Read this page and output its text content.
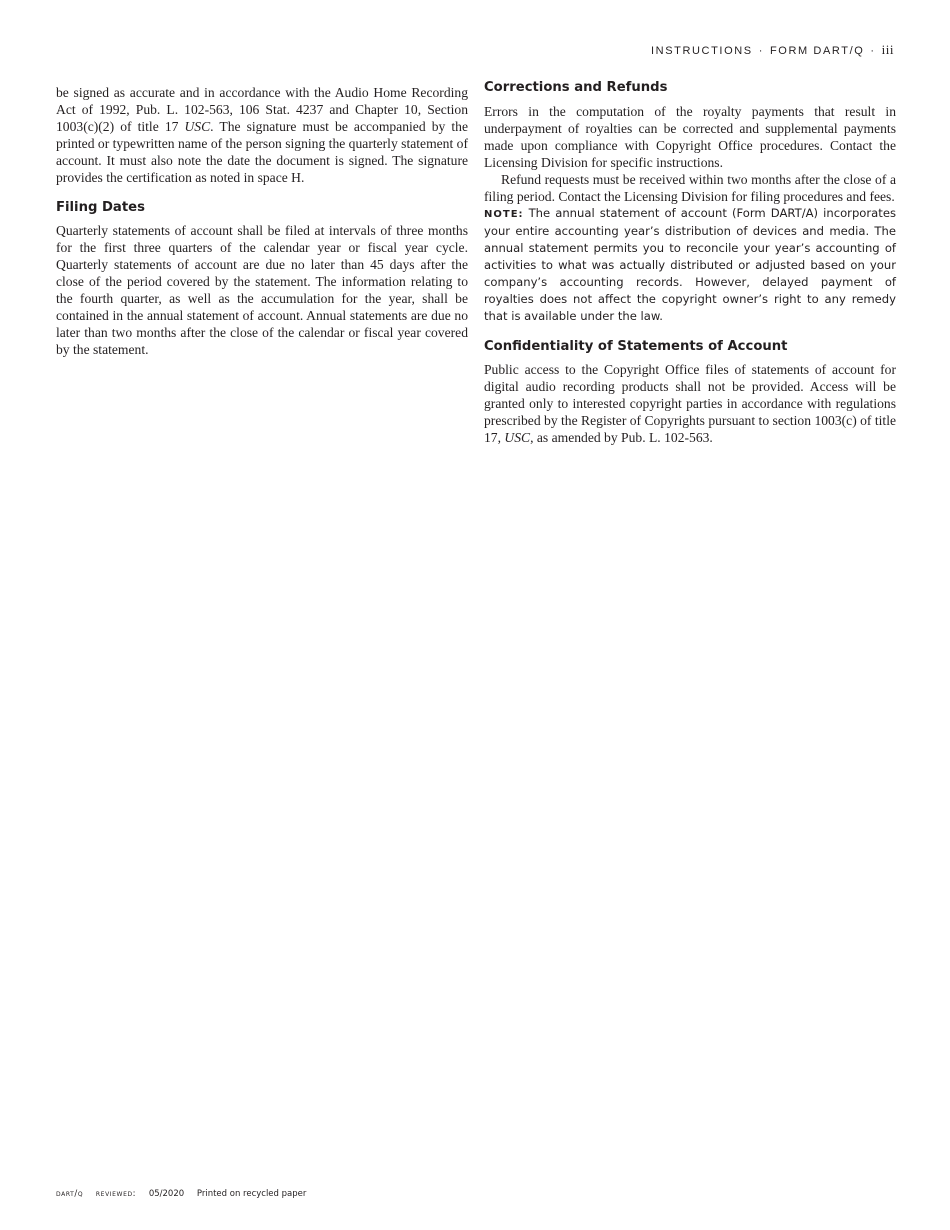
INSTRUCTIONS · FORM DART/Q · iii

be signed as accurate and in accordance with the Audio Home Recording Act of 1992, Pub. L. 102-563, 106 Stat. 4237 and Chapter 10, Section 1003(c)(2) of title 17 USC. The signature must be accompanied by the printed or typewritten name of the person signing the quarterly statement of account. It must also note the date the document is signed. The signature provides the certification as noted in space H.

Filing Dates

Quarterly statements of account shall be filed at intervals of three months for the first three quarters of the calendar year or fiscal year cycle. Quarterly statements of account are due no later than 45 days after the close of the period covered by the statement. The information relating to the fourth quarter, as well as the accumulation for the year, shall be contained in the annual statement of account. Annual statements are due no later than two months after the close of the calendar or fiscal year covered by the statement.

Corrections and Refunds

Errors in the computation of the royalty payments that result in underpayment of royalties can be corrected and supplemental payments made upon compliance with Copyright Office procedures. Contact the Licensing Division for specific instructions.

Refund requests must be received within two months after the close of a filing period. Contact the Licensing Division for filing procedures and fees.

NOTE: The annual statement of account (Form DART/A) incorporates your entire accounting year’s distribution of devices and media. The annual statement permits you to reconcile your year’s accounting of activities to what was actually distributed or adjusted based on your company’s accounting records. However, delayed payment of royalties does not affect the copyright owner’s right to any remedy that is available under the law.

Confidentiality of Statements of Account

Public access to the Copyright Office files of statements of account for digital audio recording products shall not be provided. Access will be granted only to interested copyright parties in accordance with regulations prescribed by the Register of Copyrights pursuant to section 1003(c) of title 17, USC, as amended by Pub. L. 102-563.

dart/q reviewed: 05/2020 Printed on recycled paper
